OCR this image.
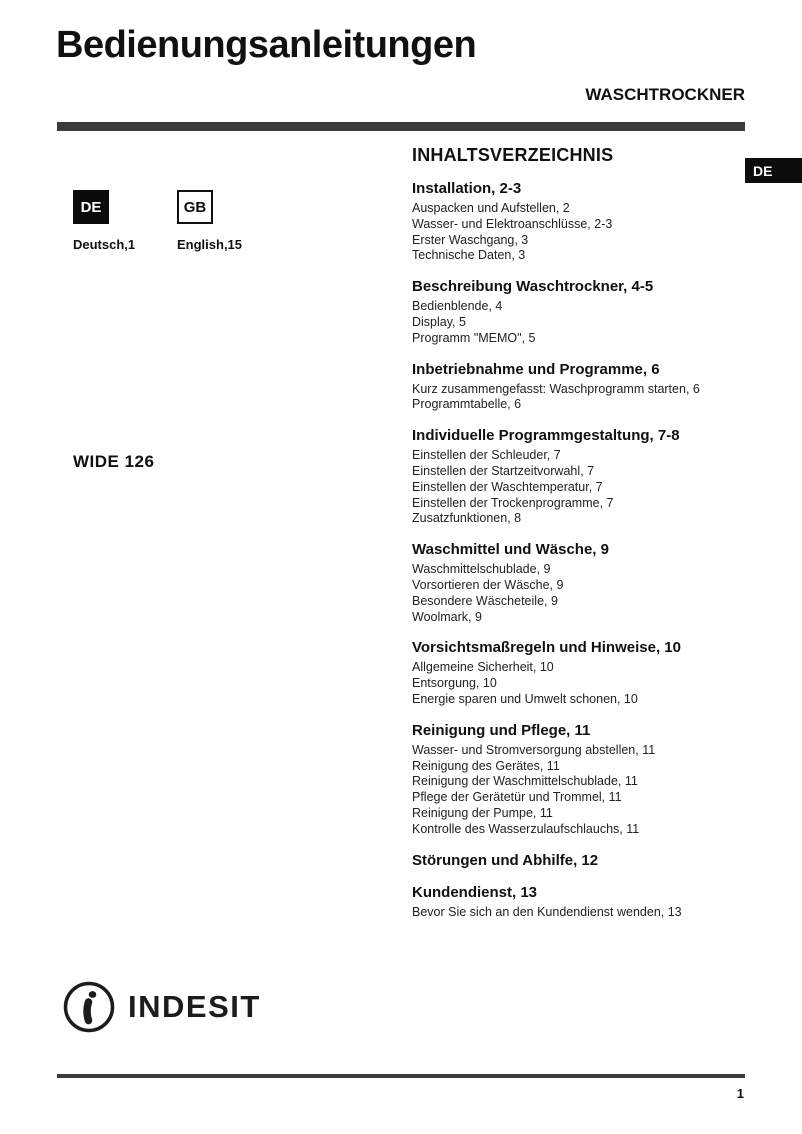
Bedienungsanleitungen
WASCHTROCKNER
DE
DE
Deutsch,1
GB
English,15
WIDE 126
INHALTSVERZEICHNIS
Installation, 2-3
Auspacken und Aufstellen, 2
Wasser- und Elektroanschlüsse, 2-3
Erster Waschgang, 3
Technische Daten, 3
Beschreibung Waschtrockner, 4-5
Bedienblende, 4
Display, 5
Programm "MEMO", 5
Inbetriebnahme und Programme, 6
Kurz zusammengefasst: Waschprogramm starten, 6
Programmtabelle, 6
Individuelle Programmgestaltung, 7-8
Einstellen der Schleuder, 7
Einstellen der Startzeitvorwahl, 7
Einstellen der Waschtemperatur, 7
Einstellen der Trockenprogramme, 7
Zusatzfunktionen, 8
Waschmittel und Wäsche, 9
Waschmittelschublade, 9
Vorsortieren der Wäsche, 9
Besondere Wäscheteile, 9
Woolmark, 9
Vorsichtsmaßregeln und Hinweise, 10
Allgemeine Sicherheit, 10
Entsorgung, 10
Energie sparen und Umwelt schonen, 10
Reinigung und Pflege, 11
Wasser- und Stromversorgung abstellen, 11
Reinigung des Gerätes, 11
Reinigung der Waschmittelschublade, 11
Pflege der Gerätetür und Trommel, 11
Reinigung der Pumpe, 11
Kontrolle des Wasserzulaufschlauchs, 11
Störungen und Abhilfe, 12
Kundendienst, 13
Bevor Sie sich an den Kundendienst wenden, 13
INDESIT
1
